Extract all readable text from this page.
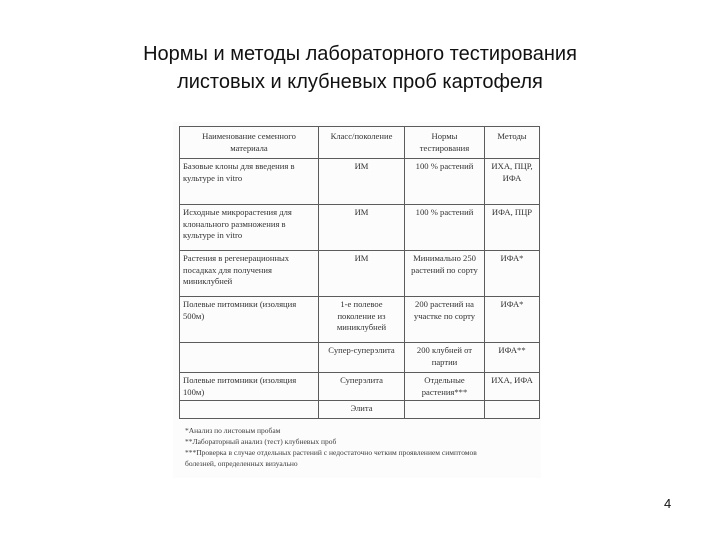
Нормы и методы лабораторного тестирования
листовых и клубневых проб картофеля
Наименование семенного материала	Класс/поколение	Нормы тестирования	Методы
Базовые клоны для введения в культуре in vitro	ИМ	100 % растений	ИХА, ПЦР, ИФА
Исходные микрорастения для клонального размножения в культуре in vitro	ИМ	100 % растений	ИФА, ПЦР
Растения в регенерационных посадках для получения миниклубней	ИМ	Минимально 250 растений по сорту	ИФА*
Полевые питомники (изоляция 500м)	1-е полевое поколение из миниклубней	200 растений на участке по сорту	ИФА*
	Супер-суперэлита	200 клубней от партии	ИФА**
Полевые питомники (изоляция 100м)	Суперэлита	Отдельные растения***	ИХА, ИФА
	Элита		
*Анализ по листовым пробам
**Лабораторный анализ (тест) клубневых проб
***Проверка в случае отдельных растений с недостаточно четким проявлением симптомов
болезней, определенных визуально
4
